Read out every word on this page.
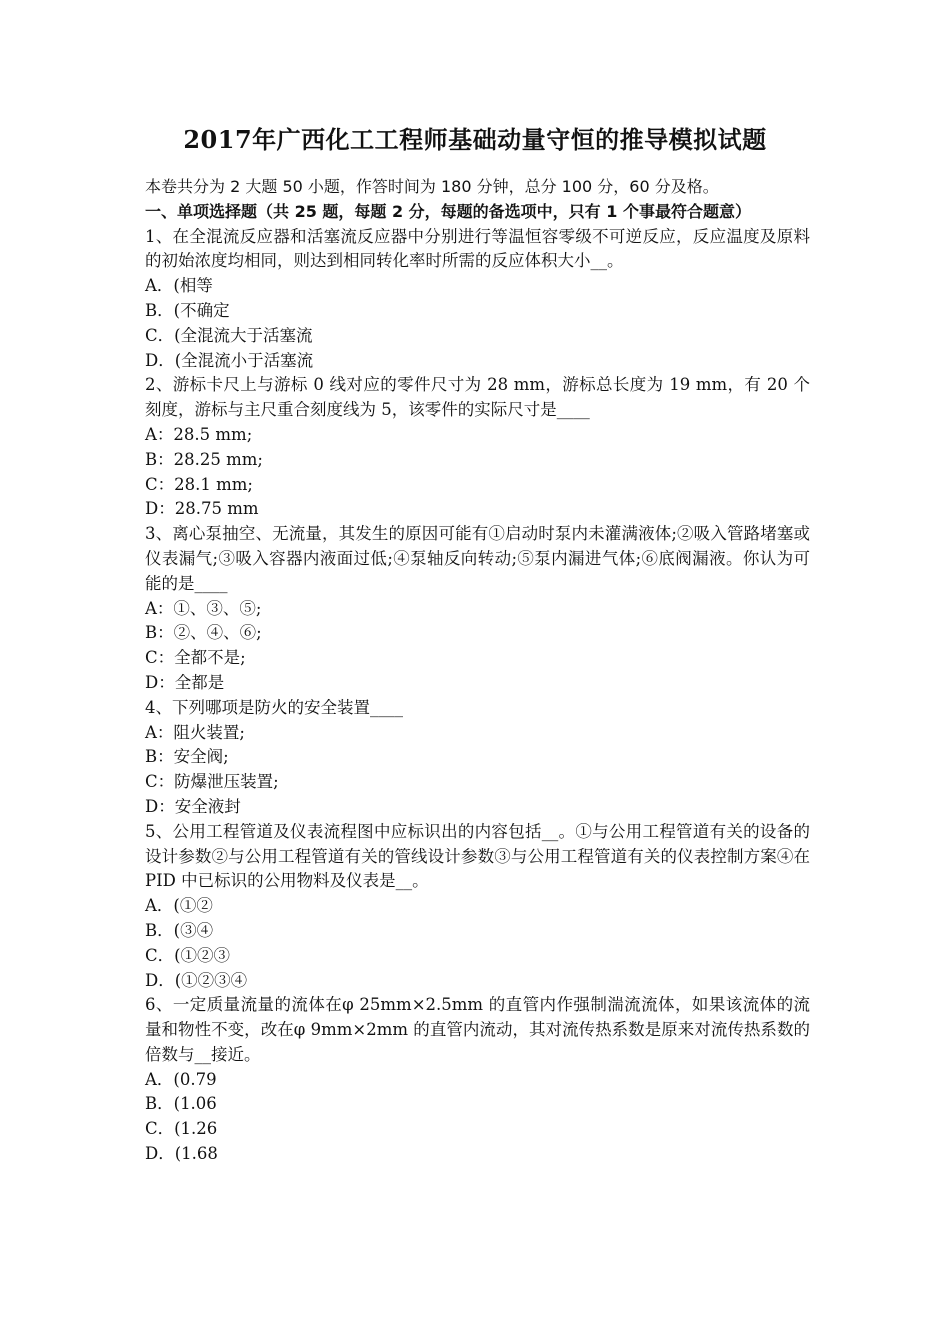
2017年广西化工工程师基础动量守恒的推导模拟试题
本卷共分为 2 大题 50 小题，作答时间为 180 分钟，总分 100 分，60 分及格。
一、单项选择题（共 25 题，每题 2 分，每题的备选项中，只有 1 个事最符合题意）
1、在全混流反应器和活塞流反应器中分别进行等温恒容零级不可逆反应，反应温度及原料的初始浓度均相同，则达到相同转化率时所需的反应体积大小__。
A．(相等
B．(不确定
C．(全混流大于活塞流
D．(全混流小于活塞流
2、游标卡尺上与游标 0 线对应的零件尺寸为 28 mm，游标总长度为 19 mm，有 20 个刻度，游标与主尺重合刻度线为 5，该零件的实际尺寸是____
A：28.5 mm;
B：28.25 mm;
C：28.1 mm;
D：28.75 mm
3、离心泵抽空、无流量，其发生的原因可能有①启动时泵内未灌满液体;②吸入管路堵塞或仪表漏气;③吸入容器内液面过低;④泵轴反向转动;⑤泵内漏进气体;⑥底阀漏液。你认为可能的是____
A：①、③、⑤;
B：②、④、⑥;
C：全都不是;
D：全都是
4、下列哪项是防火的安全装置____
A：阻火装置;
B：安全阀;
C：防爆泄压装置;
D：安全液封
5、公用工程管道及仪表流程图中应标识出的内容包括__。①与公用工程管道有关的设备的设计参数②与公用工程管道有关的管线设计参数③与公用工程管道有关的仪表控制方案④在 PID 中已标识的公用物料及仪表是__。
A．(①②
B．(③④
C．(①②③
D．(①②③④
6、一定质量流量的流体在φ 25mm×2.5mm 的直管内作强制湍流流体，如果该流体的流量和物性不变，改在φ 9mm×2mm 的直管内流动，其对流传热系数是原来对流传热系数的倍数与__接近。
A．(0.79
B．(1.06
C．(1.26
D．(1.68
